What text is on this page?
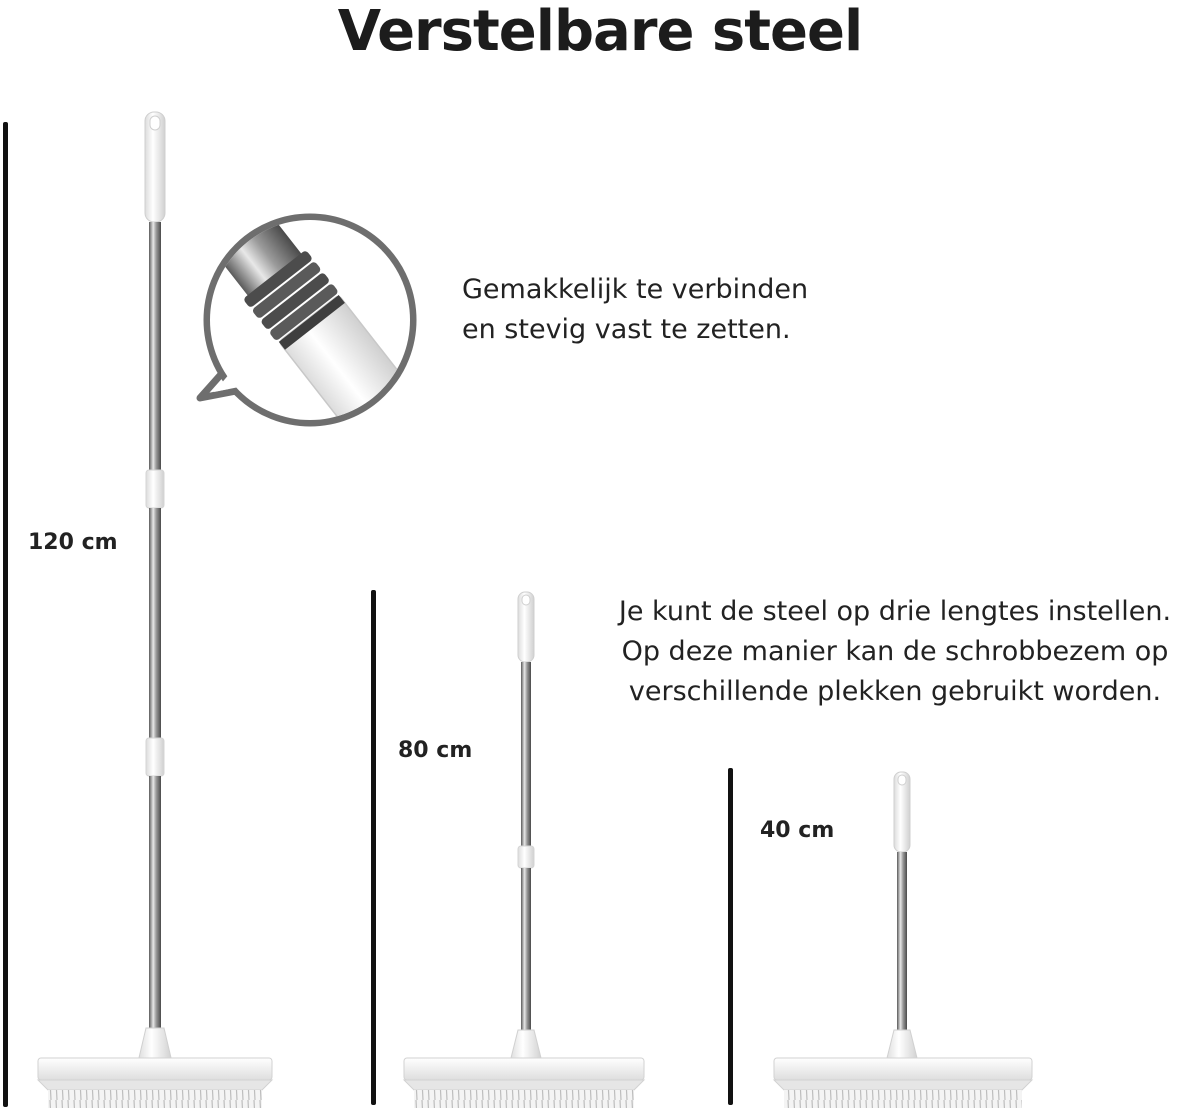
Verstelbare steel
120 cm
80 cm
40 cm
Gemakkelijk te verbinden
en stevig vast te zetten.
Je kunt de steel op drie lengtes instellen.
Op deze manier kan de schrobbezem op
verschillende plekken gebruikt worden.
